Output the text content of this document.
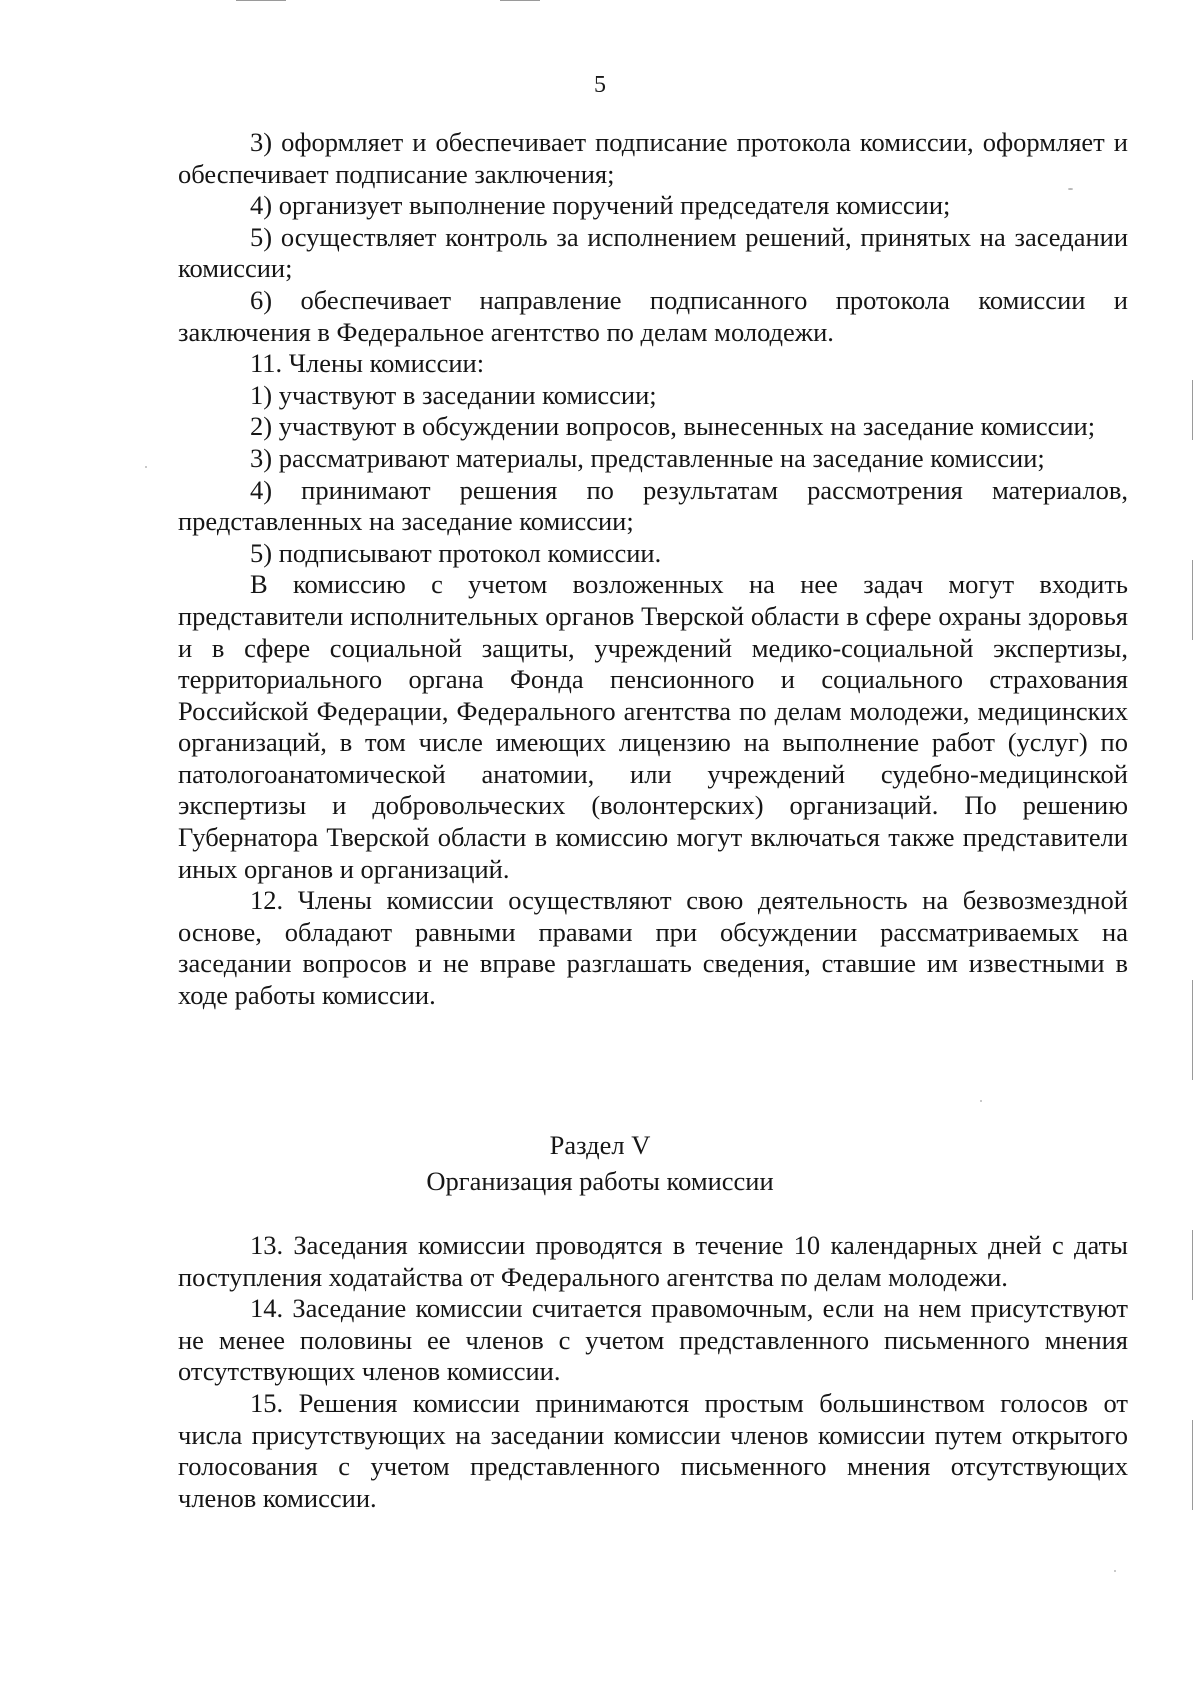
5

3) оформляет и обеспечивает подписание протокола комиссии, оформляет и обеспечивает подписание заключения;

4) организует выполнение поручений председателя комиссии;

5) осуществляет контроль за исполнением решений, принятых на заседании комиссии;

6) обеспечивает направление подписанного протокола комиссии и заключения в Федеральное агентство по делам молодежи.

11. Члены комиссии:

1) участвуют в заседании комиссии;

2) участвуют в обсуждении вопросов, вынесенных на заседание комиссии;

3) рассматривают материалы, представленные на заседание комиссии;

4) принимают решения по результатам рассмотрения материалов, представленных на заседание комиссии;

5) подписывают протокол комиссии.

В комиссию с учетом возложенных на нее задач могут входить представители исполнительных органов Тверской области в сфере охраны здоровья и в сфере социальной защиты, учреждений медико-социальной экспертизы, территориального органа Фонда пенсионного и социального страхования Российской Федерации, Федерального агентства по делам молодежи, медицинских организаций, в том числе имеющих лицензию на выполнение работ (услуг) по патологоанатомической анатомии, или учреждений судебно-медицинской экспертизы и добровольческих (волонтерских) организаций. По решению Губернатора Тверской области в комиссию могут включаться также представители иных органов и организаций.

12. Члены комиссии осуществляют свою деятельность на безвозмездной основе, обладают равными правами при обсуждении рассматриваемых на заседании вопросов и не вправе разглашать сведения, ставшие им известными в ходе работы комиссии.

Раздел V
Организация работы комиссии

13. Заседания комиссии проводятся в течение 10 календарных дней с даты поступления ходатайства от Федерального агентства по делам молодежи.

14. Заседание комиссии считается правомочным, если на нем присутствуют не менее половины ее членов с учетом представленного письменного мнения отсутствующих членов комиссии.

15. Решения комиссии принимаются простым большинством голосов от числа присутствующих на заседании комиссии членов комиссии путем открытого голосования с учетом представленного письменного мнения отсутствующих членов комиссии.
